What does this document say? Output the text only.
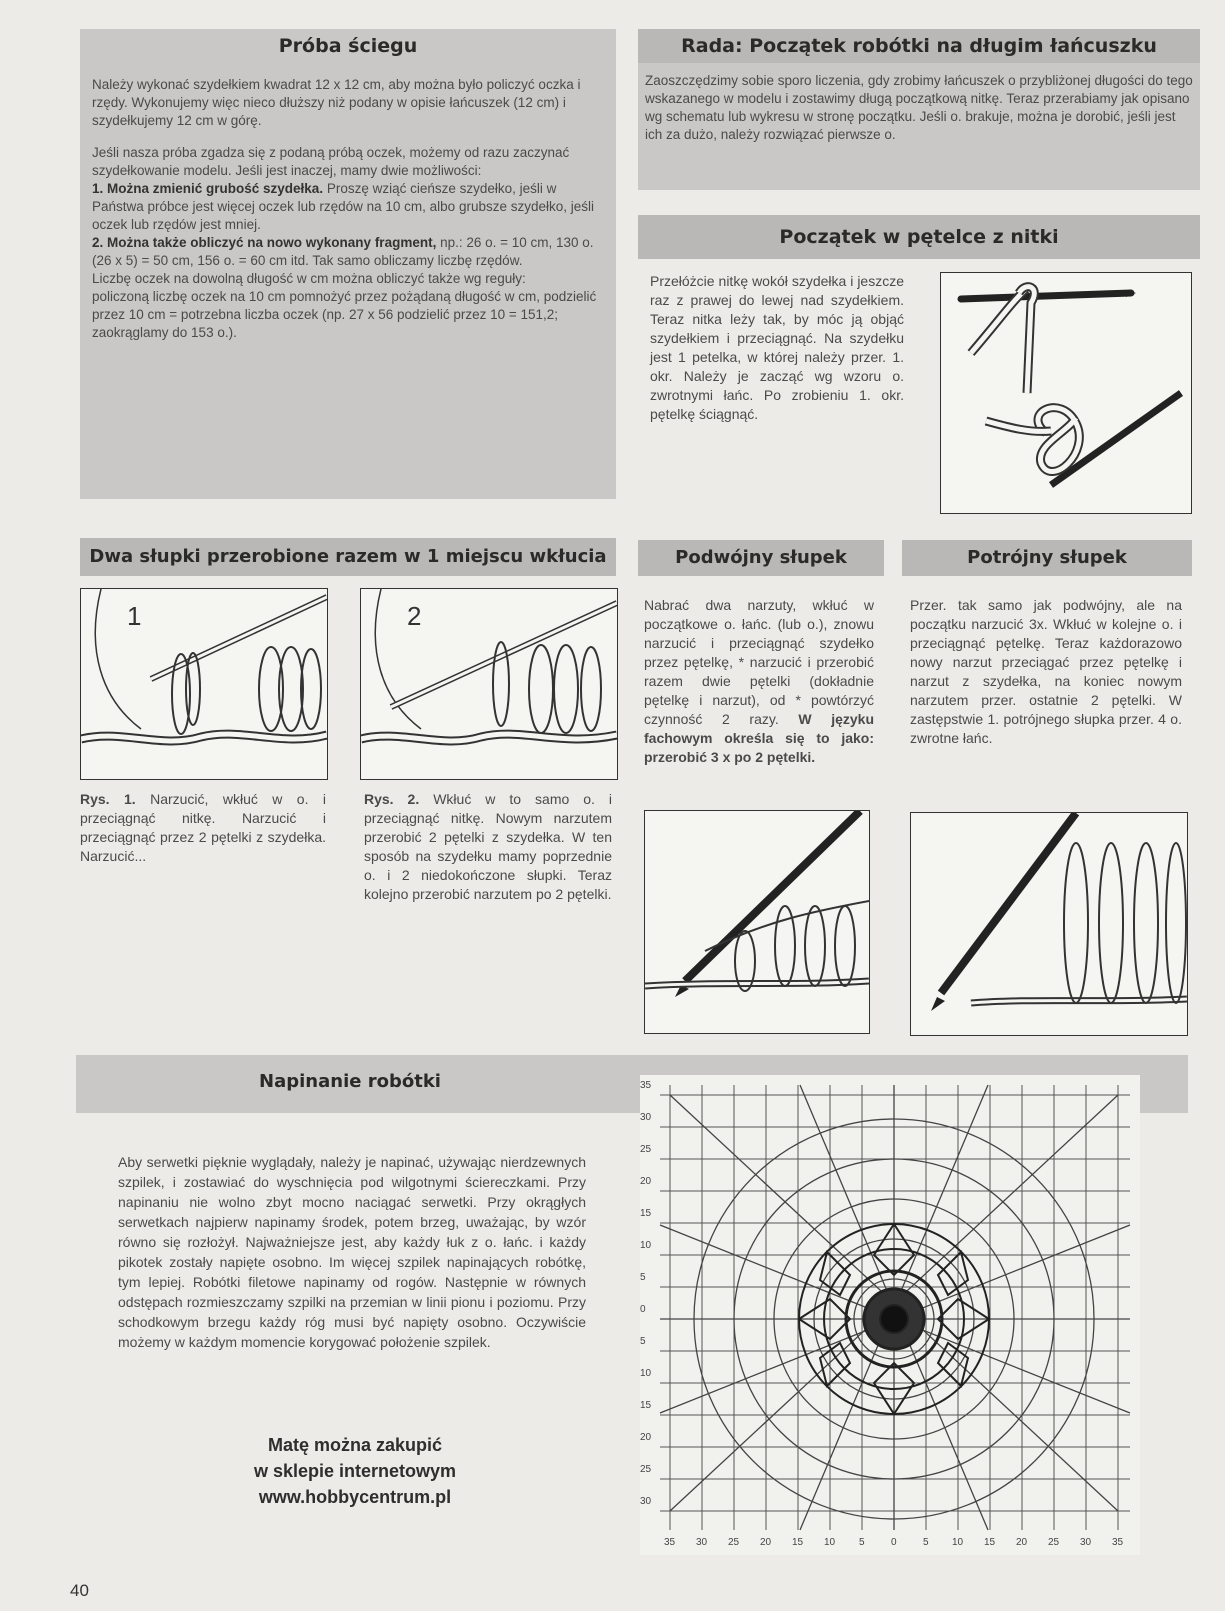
Próba ściegu

Należy wykonać szydełkiem kwadrat 12 x 12 cm, aby można było policzyć oczka i rzędy. Wykonujemy więc nieco dłuższy niż podany w opisie łańcuszek (12 cm) i szydełkujemy 12 cm w górę.

Jeśli nasza próba zgadza się z podaną próbą oczek, możemy od razu zaczynać szydełkowanie modelu. Jeśli jest inaczej, mamy dwie możliwości:

1. Można zmienić grubość szydełka. Proszę wziąć cieńsze szydełko, jeśli w Państwa próbce jest więcej oczek lub rzędów na 10 cm, albo grubsze szydełko, jeśli oczek lub rzędów jest mniej.

2. Można także obliczyć na nowo wykonany fragment, np.: 26 o. = 10 cm, 130 o. (26 x 5) = 50 cm, 156 o. = 60 cm itd. Tak samo obliczamy liczbę rzędów.

Liczbę oczek na dowolną długość w cm można obliczyć także wg reguły:

policzoną liczbę oczek na 10 cm pomnożyć przez pożądaną długość w cm, podzielić przez 10 cm = potrzebna liczba oczek (np. 27 x 56 podzielić przez 10 = 151,2; zaokrąglamy do 153 o.).

Rada: Początek robótki na długim łańcuszku
Zaoszczędzimy sobie sporo liczenia, gdy zrobimy łańcuszek o przybliżonej długości do tego wskazanego w modelu i zostawimy długą początkową nitkę. Teraz przerabiamy jak opisano wg schematu lub wykresu w stronę początku. Jeśli o. brakuje, można je dorobić, jeśli jest ich za dużo, należy rozwiązać pierwsze o.
Początek w pętelce z nitki
Przełóżcie nitkę wokół szydełka i jeszcze raz z prawej do lewej nad szydełkiem. Teraz nitka leży tak, by móc ją objąć szydełkiem i przeciągnąć. Na szydełku jest 1 petelka, w której należy przer. 1. okr. Należy je zacząć wg wzoru o. zwrotnymi łańc. Po zrobieniu 1. okr. pętelkę ściągnąć.
Dwa słupki przerobione razem w 1 miejscu wkłucia
1	2
Rys. 1. Narzucić, wkłuć w o. i przeciągnąć nitkę. Narzucić i przeciągnąć przez 2 pętelki z szydełka. Narzucić...
Rys. 2. Wkłuć w to samo o. i przeciągnąć nitkę. Nowym narzutem przerobić 2 pętelki z szydełka. W ten sposób na szydełku mamy poprzednie o. i 2 niedokończone słupki. Teraz kolejno przerobić narzutem po 2 pętelki.
Podwójny słupek
Nabrać dwa narzuty, wkłuć w początkowe o. łańc. (lub o.), znowu narzucić i przeciągnąć szydełko przez pętelkę, * narzucić i przerobić razem dwie pętelki (dokładnie pętelkę i narzut), od * powtórzyć czynność 2 razy. W języku fachowym określa się to jako: przerobić 3 x po 2 pętelki.
Potrójny słupek
Przer. tak samo jak podwójny, ale na początku narzucić 3x. Wkłuć w kolejne o. i przeciągnąć pętelkę. Teraz każdorazowo nowy narzut przeciągać przez pętelkę i narzut z szydełka, na koniec nowym narzutem przer. ostatnie 2 pętelki. W zastępstwie 1. potrójnego słupka przer. 4 o. zwrotne łańc.
Napinanie robótki
Aby serwetki pięknie wyglądały, należy je napinać, używając nierdzewnych szpilek, i zostawiać do wyschnięcia pod wilgotnymi ściereczkami. Przy napinaniu nie wolno zbyt mocno naciągać serwetki. Przy okrągłych serwetkach najpierw napinamy środek, potem brzeg, uważając, by wzór równo się rozłożył. Najważniejsze jest, aby każdy łuk z o. łańc. i każdy pikotek zostały napięte osobno. Im więcej szpilek napinających robótkę, tym lepiej. Robótki filetowe napinamy od rogów. Następnie w równych odstępach rozmieszczamy szpilki na przemian w linii pionu i poziomu. Przy schodkowym brzegu każdy róg musi być napięty osobno. Oczywiście możemy w każdym momencie korygować położenie szpilek.
Matę można zakupić
w sklepie internetowym
www.hobbycentrum.pl
35
30
25
20
15
10
5
0
5
10
15
20
25
30
35 30 25 20 15 10 5	0	5 10 15 20 25 30 35
40
